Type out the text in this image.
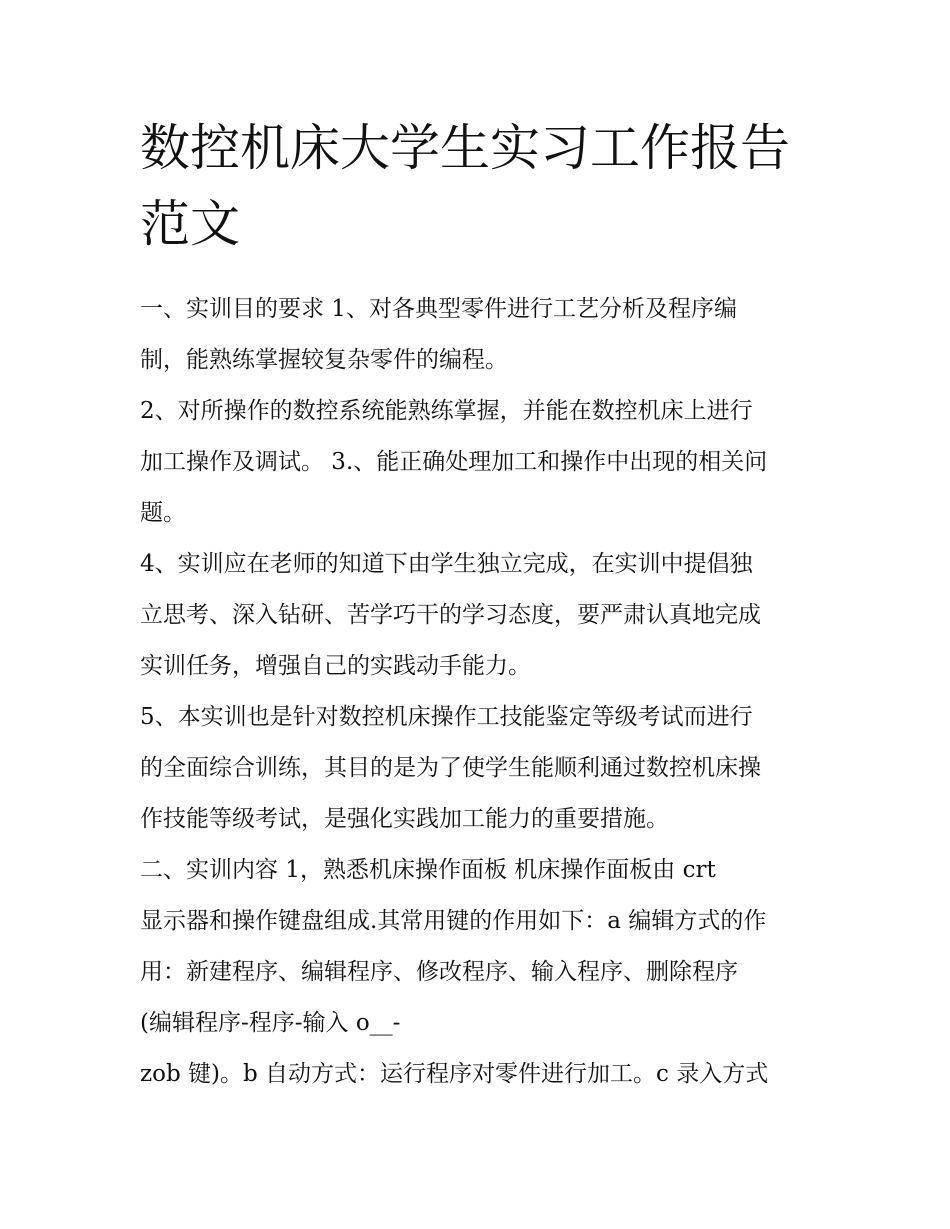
数控机床大学生实习工作报告
范文
一、实训目的要求 1、对各典型零件进行工艺分析及程序编
制，能熟练掌握较复杂零件的编程。
2、对所操作的数控系统能熟练掌握，并能在数控机床上进行
加工操作及调试。 3.、能正确处理加工和操作中出现的相关问
题。
4、实训应在老师的知道下由学生独立完成，在实训中提倡独
立思考、深入钻研、苦学巧干的学习态度，要严肃认真地完成
实训任务，增强自己的实践动手能力。
5、本实训也是针对数控机床操作工技能鉴定等级考试而进行
的全面综合训练，其目的是为了使学生能顺利通过数控机床操
作技能等级考试，是强化实践加工能力的重要措施。
二、实训内容 1，熟悉机床操作面板 机床操作面板由 crt
显示器和操作键盘组成.其常用键的作用如下：a 编辑方式的作
用：新建程序、编辑程序、修改程序、输入程序、删除程序
(编辑程序-程序-输入 o__-
zob 键)。b 自动方式：运行程序对零件进行加工。c 录入方式
